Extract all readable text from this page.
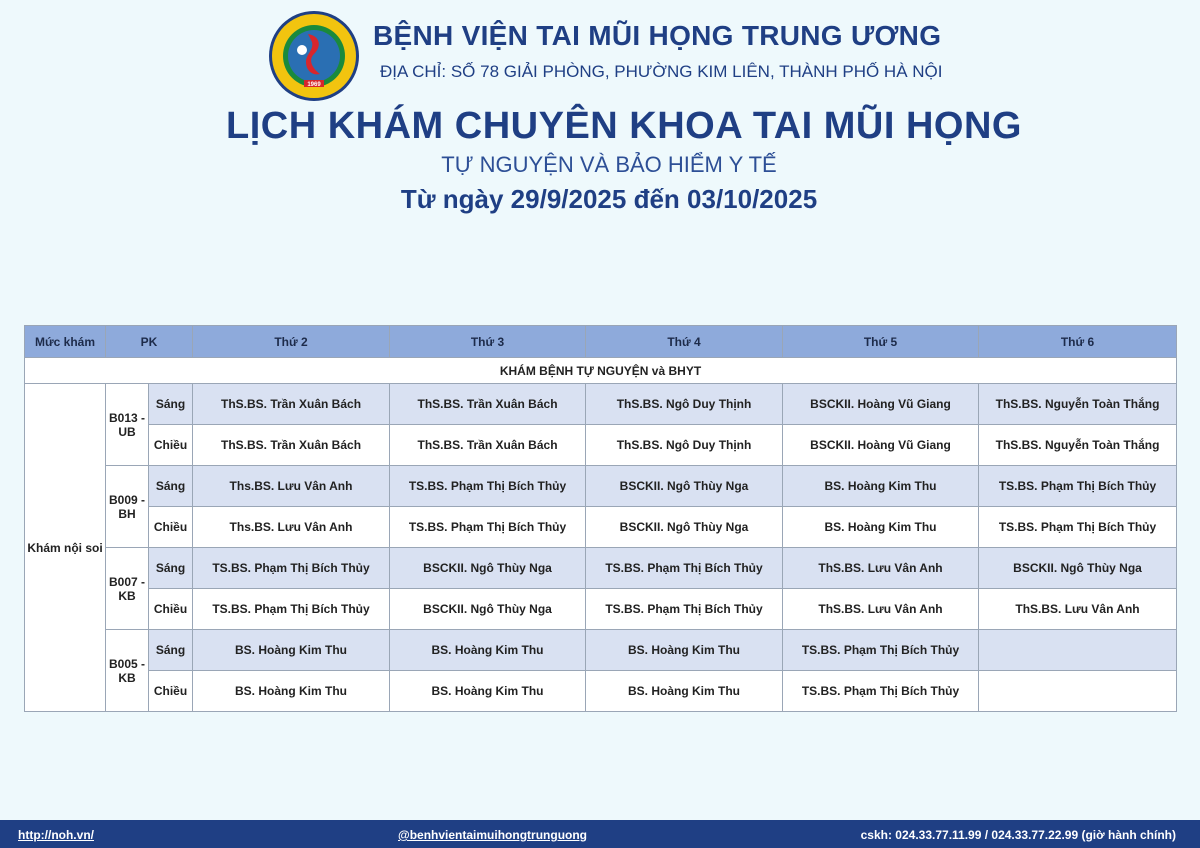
1969
BỆNH VIỆN TAI MŨI HỌNG TRUNG ƯƠNG
ĐỊA CHỈ: SỐ 78 GIẢI PHÒNG, PHƯỜNG KIM LIÊN, THÀNH PHỐ HÀ NỘI
LỊCH KHÁM CHUYÊN KHOA TAI MŨI HỌNG
TỰ NGUYỆN VÀ BẢO HIỂM Y TẾ
Từ ngày 29/9/2025 đến 03/10/2025
Mức khám	PK		Thứ 2	Thứ 3	Thứ 4	Thứ 5	Thứ 6
KHÁM BỆNH TỰ NGUYỆN và BHYT							
Khám nội soi	B013 - UB	Sáng	ThS.BS. Trần Xuân Bách	ThS.BS. Trần Xuân Bách	ThS.BS. Ngô Duy Thịnh	BSCKII. Hoàng Vũ Giang	ThS.BS. Nguyễn Toàn Thắng
		Chiều	ThS.BS. Trần Xuân Bách	ThS.BS. Trần Xuân Bách	ThS.BS. Ngô Duy Thịnh	BSCKII. Hoàng Vũ Giang	ThS.BS. Nguyễn Toàn Thắng
	B009 - BH	Sáng	Ths.BS. Lưu Vân Anh	TS.BS. Phạm Thị Bích Thủy	BSCKII. Ngô Thùy Nga	BS. Hoàng Kim Thu	TS.BS. Phạm Thị Bích Thủy
		Chiều	Ths.BS. Lưu Vân Anh	TS.BS. Phạm Thị Bích Thủy	BSCKII. Ngô Thùy Nga	BS. Hoàng Kim Thu	TS.BS. Phạm Thị Bích Thủy
	B007 - KB	Sáng	TS.BS. Phạm Thị Bích Thủy	BSCKII. Ngô Thùy Nga	TS.BS. Phạm Thị Bích Thủy	ThS.BS. Lưu Vân Anh	BSCKII. Ngô Thùy Nga
		Chiều	TS.BS. Phạm Thị Bích Thủy	BSCKII. Ngô Thùy Nga	TS.BS. Phạm Thị Bích Thủy	ThS.BS. Lưu Vân Anh	ThS.BS. Lưu Vân Anh
	B005 - KB	Sáng	BS. Hoàng Kim Thu	BS. Hoàng Kim Thu	BS. Hoàng Kim Thu	TS.BS. Phạm Thị Bích Thủy	
		Chiều	BS. Hoàng Kim Thu	BS. Hoàng Kim Thu	BS. Hoàng Kim Thu	TS.BS. Phạm Thị Bích Thủy	
http://noh.vn/	@benhvientaimuihongtrunguong	cskh: 024.33.77.11.99 / 024.33.77.22.99 (giờ hành chính)
